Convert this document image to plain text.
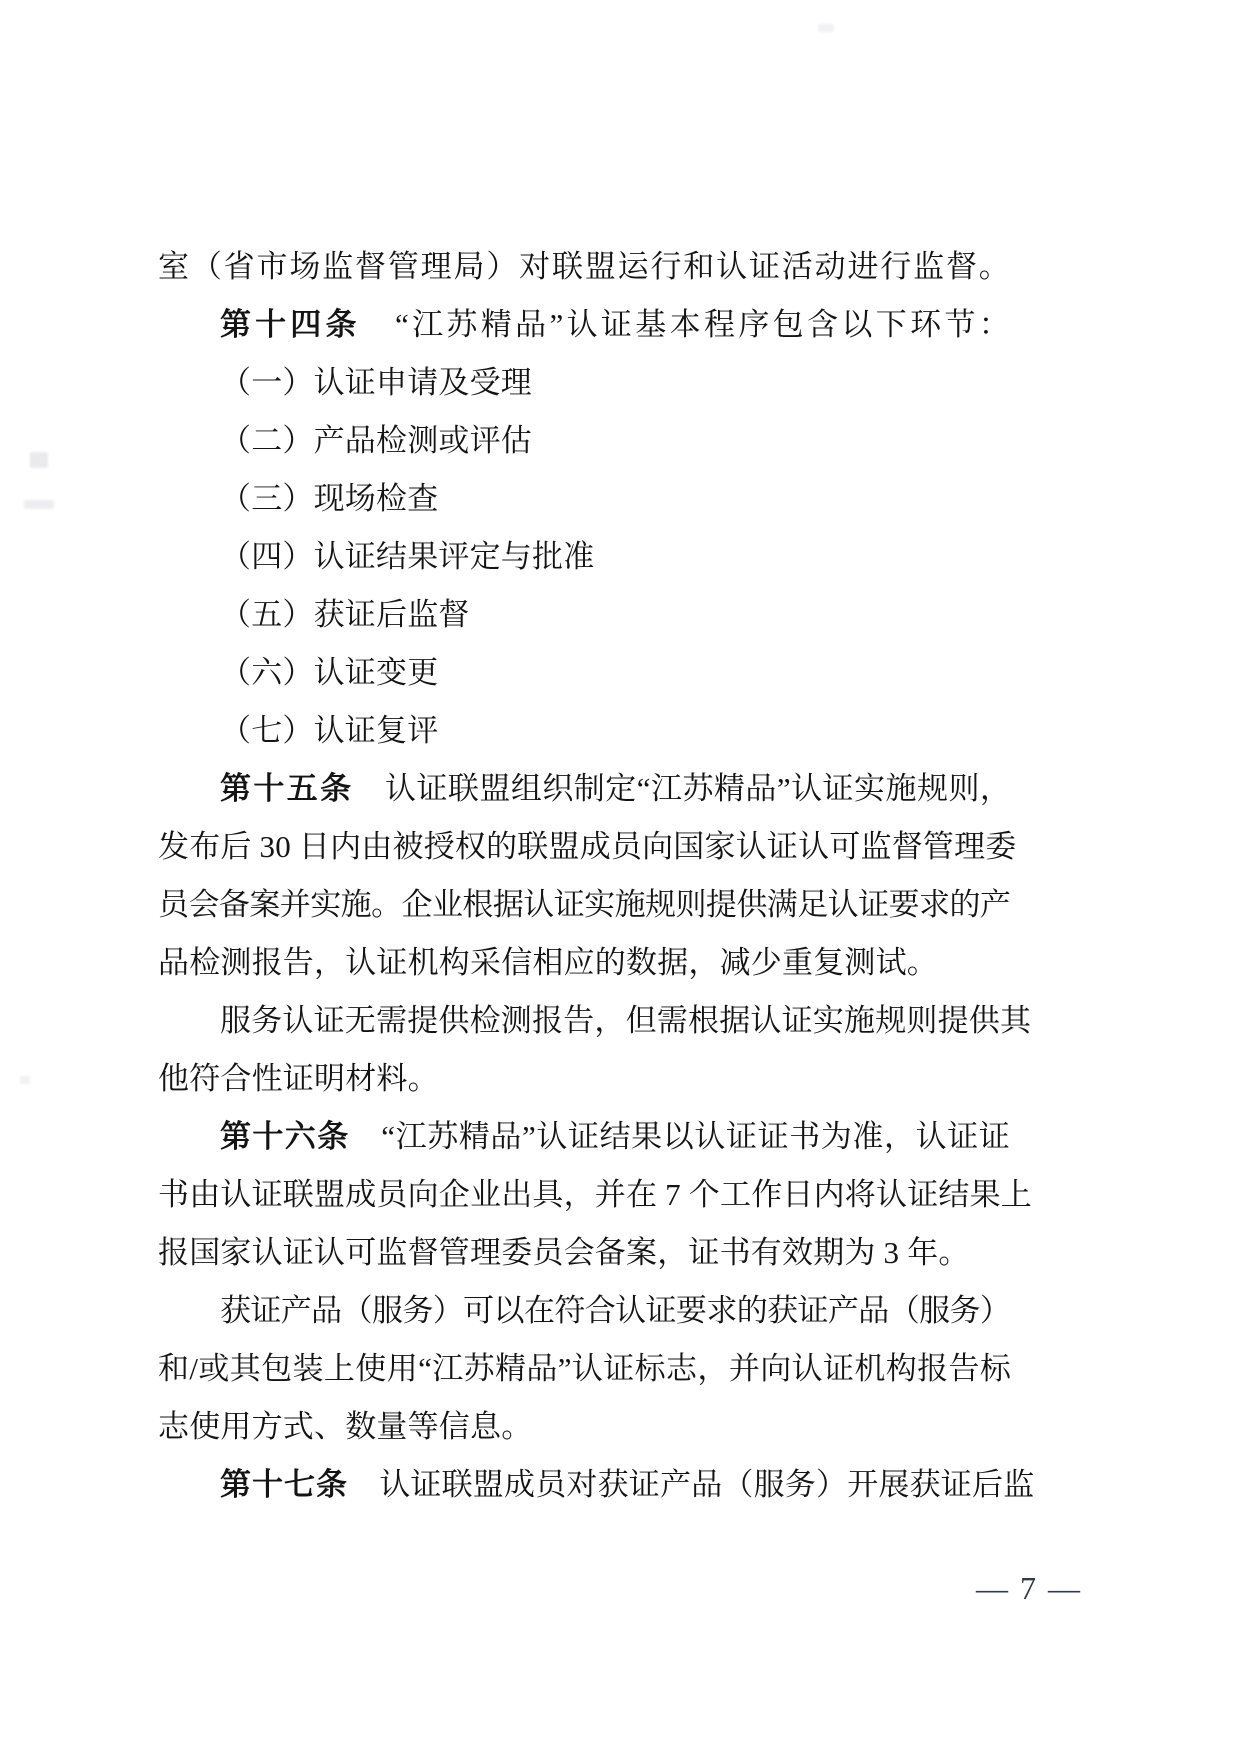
室（省市场监督管理局）对联盟运行和认证活动进行监督。
第十四条　“江苏精品”认证基本程序包含以下环节：
（一）认证申请及受理
（二）产品检测或评估
（三）现场检查
（四）认证结果评定与批准
（五）获证后监督
（六）认证变更
（七）认证复评
第十五条　认证联盟组织制定“江苏精品”认证实施规则，
发布后 30 日内由被授权的联盟成员向国家认证认可监督管理委
员会备案并实施。企业根据认证实施规则提供满足认证要求的产
品检测报告，认证机构采信相应的数据，减少重复测试。
服务认证无需提供检测报告，但需根据认证实施规则提供其
他符合性证明材料。
第十六条　“江苏精品”认证结果以认证证书为准，认证证
书由认证联盟成员向企业出具，并在 7 个工作日内将认证结果上
报国家认证认可监督管理委员会备案，证书有效期为 3 年。
获证产品（服务）可以在符合认证要求的获证产品（服务）
和/或其包装上使用“江苏精品”认证标志，并向认证机构报告标
志使用方式、数量等信息。
第十七条　认证联盟成员对获证产品（服务）开展获证后监
— 7 —
